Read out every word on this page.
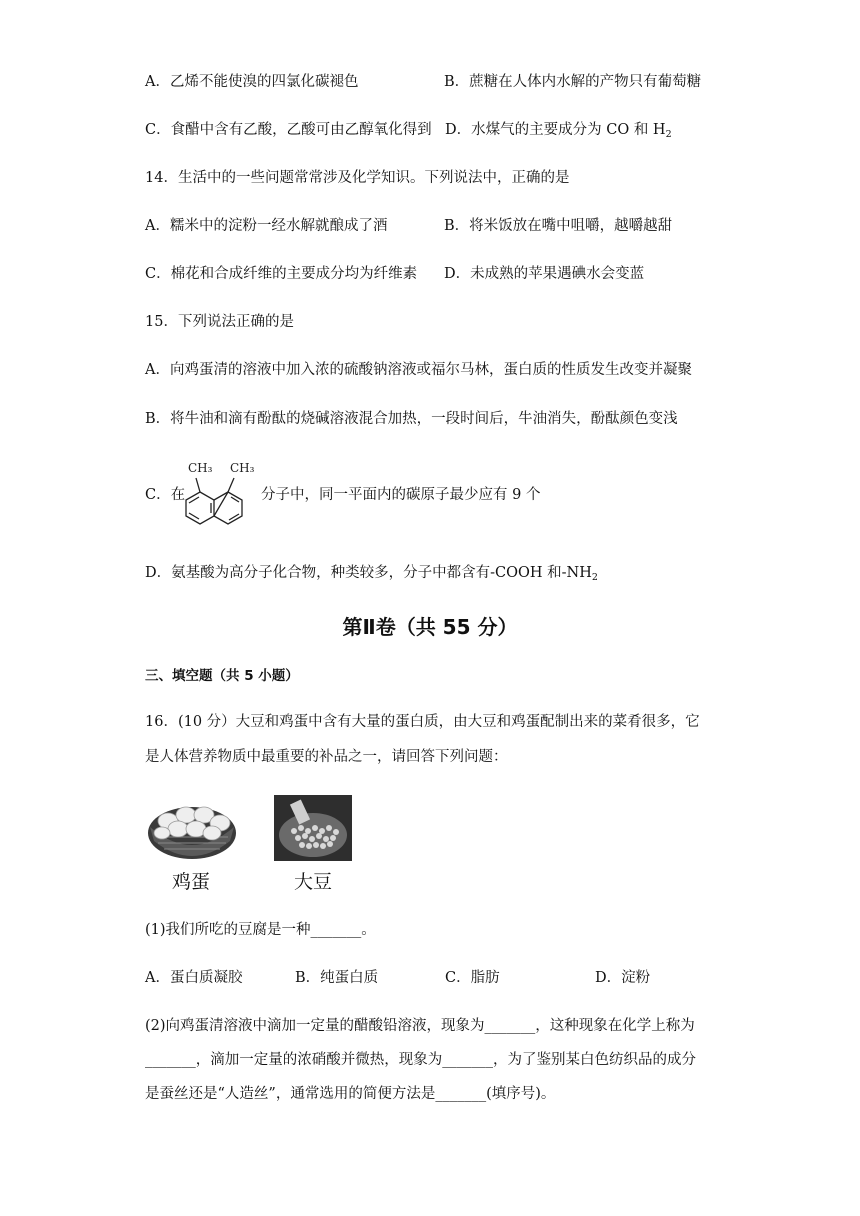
A．乙烯不能使溴的四氯化碳褪色	B．蔗糖在人体内水解的产物只有葡萄糖
C．食醋中含有乙酸，乙酸可由乙醇氧化得到 D．水煤气的主要成分为 CO 和 $H_2$
14．生活中的一些问题常常涉及化学知识。下列说法中，正确的是
A．糯米中的淀粉一经水解就酿成了酒	B．将米饭放在嘴中咀嚼，越嚼越甜
C．棉花和合成纤维的主要成分均为纤维素 D．未成熟的苹果遇碘水会变蓝
15．下列说法正确的是
A．向鸡蛋清的溶液中加入浓的硫酸钠溶液或福尔马林，蛋白质的性质发生改变并凝聚
B．将牛油和滴有酚酞的烧碱溶液混合加热，一段时间后，牛油消失，酚酞颜色变浅
C．在
CH₃ CH₃
分子中，同一平面内的碳原子最少应有 9 个
D．氨基酸为高分子化合物，种类较多，分子中都含有-COOH 和$-NH_2$
第Ⅱ卷（共 55 分）
三、填空题（共 5 小题）
16．(10 分）大豆和鸡蛋中含有大量的蛋白质，由大豆和鸡蛋配制出来的菜肴很多，它
是人体营养物质中最重要的补品之一，请回答下列问题：
鸡蛋	大豆
(1)我们所吃的豆腐是一种_______。
A．蛋白质凝胶	B．纯蛋白质	C．脂肪	D．淀粉
(2)向鸡蛋清溶液中滴加一定量的醋酸铅溶液，现象为_______，这种现象在化学上称为
_______，滴加一定量的浓硝酸并微热，现象为_______，为了鉴别某白色纺织品的成分
是蚕丝还是“人造丝”，通常选用的简便方法是_______(填序号)。
